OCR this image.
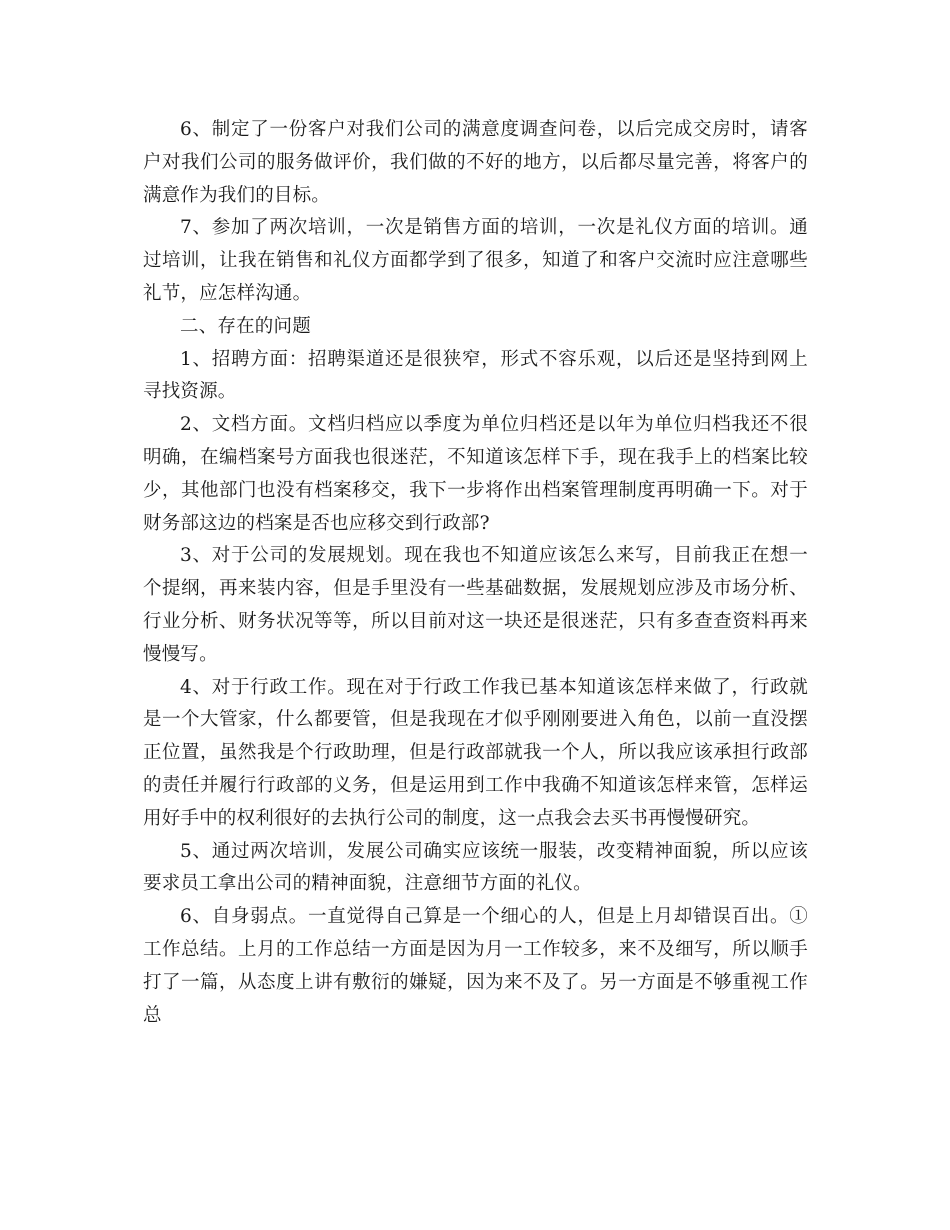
6、制定了一份客户对我们公司的满意度调查问卷，以后完成交房时，请客户对我们公司的服务做评价，我们做的不好的地方，以后都尽量完善，将客户的满意作为我们的目标。

7、参加了两次培训，一次是销售方面的培训，一次是礼仪方面的培训。通过培训，让我在销售和礼仪方面都学到了很多，知道了和客户交流时应注意哪些礼节，应怎样沟通。

二、存在的问题

1、招聘方面：招聘渠道还是很狭窄，形式不容乐观，以后还是坚持到网上寻找资源。

2、文档方面。文档归档应以季度为单位归档还是以年为单位归档我还不很明确，在编档案号方面我也很迷茫，不知道该怎样下手，现在我手上的档案比较少，其他部门也没有档案移交，我下一步将作出档案管理制度再明确一下。对于财务部这边的档案是否也应移交到行政部?

3、对于公司的发展规划。现在我也不知道应该怎么来写，目前我正在想一个提纲，再来装内容，但是手里没有一些基础数据，发展规划应涉及市场分析、行业分析、财务状况等等，所以目前对这一块还是很迷茫，只有多查查资料再来慢慢写。

4、对于行政工作。现在对于行政工作我已基本知道该怎样来做了，行政就是一个大管家，什么都要管，但是我现在才似乎刚刚要进入角色，以前一直没摆正位置，虽然我是个行政助理，但是行政部就我一个人，所以我应该承担行政部的责任并履行行政部的义务，但是运用到工作中我确不知道该怎样来管，怎样运用好手中的权利很好的去执行公司的制度，这一点我会去买书再慢慢研究。

5、通过两次培训，发展公司确实应该统一服装，改变精神面貌，所以应该要求员工拿出公司的精神面貌，注意细节方面的礼仪。

6、自身弱点。一直觉得自己算是一个细心的人，但是上月却错误百出。①工作总结。上月的工作总结一方面是因为月一工作较多，来不及细写，所以顺手打了一篇，从态度上讲有敷衍的嫌疑，因为来不及了。另一方面是不够重视工作总
